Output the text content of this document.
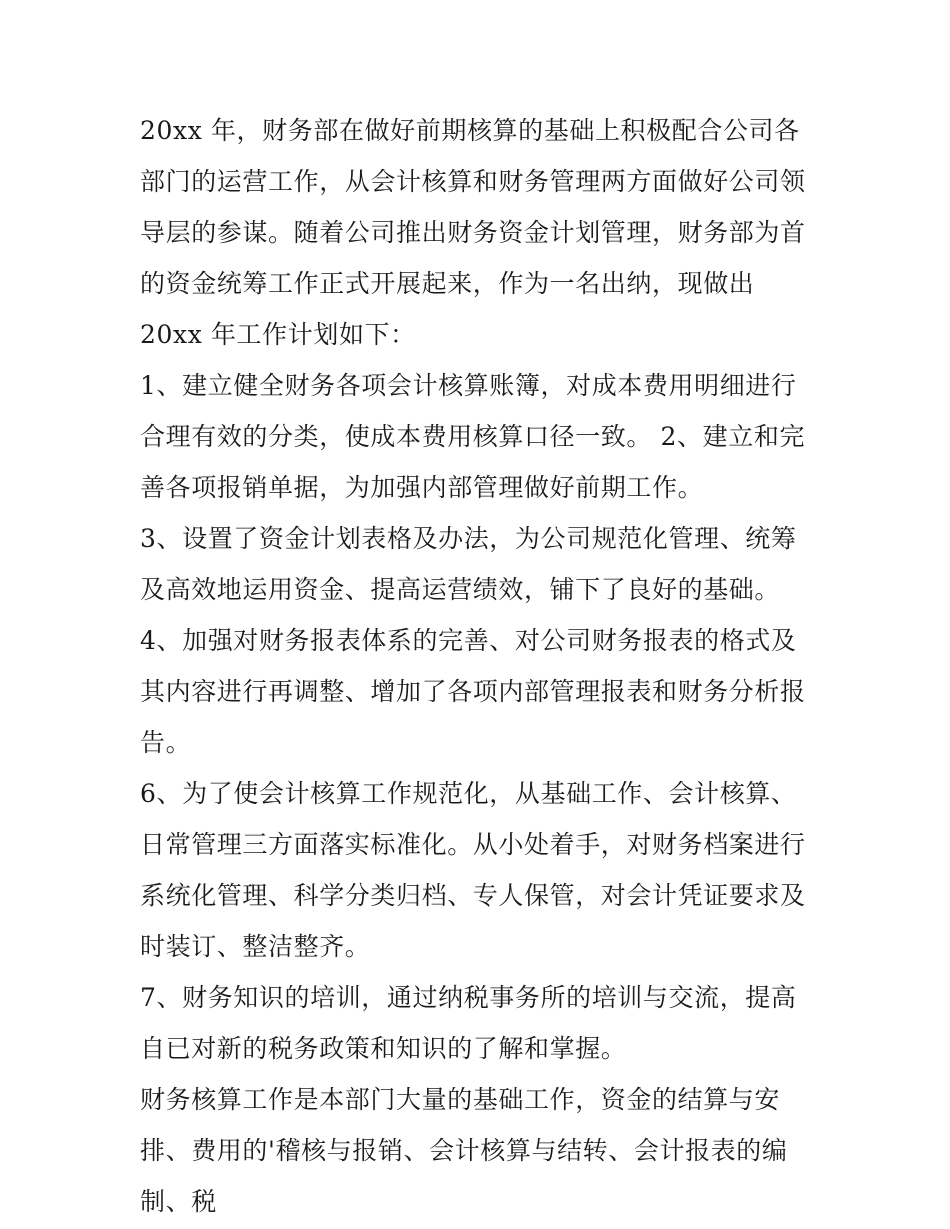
20xx 年，财务部在做好前期核算的基础上积极配合公司各部门的运营工作，从会计核算和财务管理两方面做好公司领导层的参谋。随着公司推出财务资金计划管理，财务部为首的资金统筹工作正式开展起来，作为一名出纳，现做出 20xx 年工作计划如下：

1、建立健全财务各项会计核算账簿，对成本费用明细进行合理有效的分类，使成本费用核算口径一致。 2、建立和完善各项报销单据，为加强内部管理做好前期工作。

3、设置了资金计划表格及办法，为公司规范化管理、统筹及高效地运用资金、提高运营绩效，铺下了良好的基础。

4、加强对财务报表体系的完善、对公司财务报表的格式及其内容进行再调整、增加了各项内部管理报表和财务分析报告。

6、为了使会计核算工作规范化，从基础工作、会计核算、日常管理三方面落实标准化。从小处着手，对财务档案进行系统化管理、科学分类归档、专人保管，对会计凭证要求及时装订、整洁整齐。

7、财务知识的培训，通过纳税事务所的培训与交流，提高自已对新的税务政策和知识的了解和掌握。

财务核算工作是本部门大量的基础工作，资金的结算与安排、费用的'稽核与报销、会计核算与结转、会计报表的编制、税
